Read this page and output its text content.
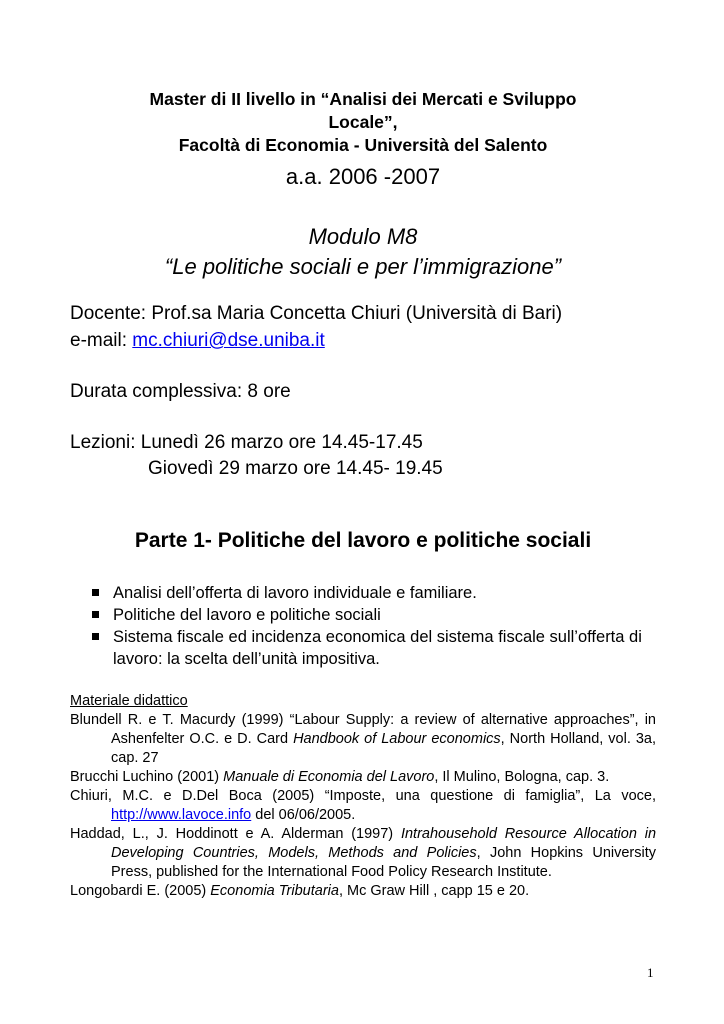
Master di II livello in “Analisi dei Mercati e Sviluppo
Locale”,
Facoltà di Economia - Università del Salento
a.a. 2006 -2007
Modulo M8
“Le politiche sociali e per l’immigrazione”
Docente: Prof.sa Maria Concetta Chiuri (Università di Bari)
e-mail: mc.chiuri@dse.uniba.it
Durata complessiva: 8 ore
Lezioni: Lunedì 26 marzo ore 14.45-17.45
Giovedì 29 marzo ore 14.45- 19.45
Parte 1- Politiche del lavoro e politiche sociali
Analisi dell’offerta di lavoro individuale e familiare.
Politiche del lavoro e politiche sociali
Sistema fiscale ed incidenza economica del sistema fiscale sull’offerta di lavoro: la scelta dell’unità impositiva.
Materiale didattico
Blundell R. e T. Macurdy (1999) “Labour Supply: a review of alternative approaches”, in Ashenfelter O.C. e D. Card Handbook of Labour economics, North Holland, vol. 3a, cap. 27
Brucchi Luchino (2001) Manuale di Economia del Lavoro, Il Mulino, Bologna, cap. 3.
Chiuri, M.C. e D.Del Boca (2005) “Imposte, una questione di famiglia”, La voce, http://www.lavoce.info del 06/06/2005.
Haddad, L., J. Hoddinott e A. Alderman (1997) Intrahousehold Resource Allocation in Developing Countries, Models, Methods and Policies, John Hopkins University Press, published for the International Food Policy Research Institute.
Longobardi E. (2005) Economia Tributaria, Mc Graw Hill , capp 15 e 20.
1
